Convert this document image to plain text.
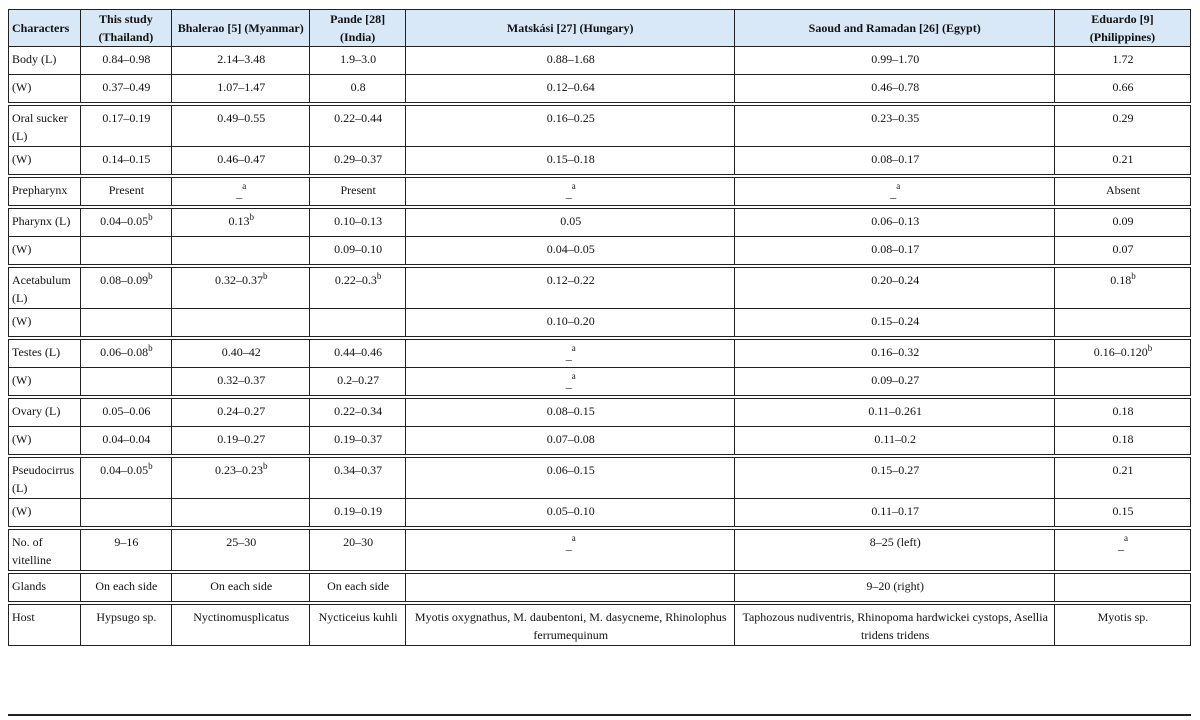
Characters	This study (Thailand)	Bhalerao [5] (Myanmar)	Pande [28] (India)	Matskási [27] (Hungary)	Saoud and Ramadan [26] (Egypt)	Eduardo [9] (Philippines)
Body (L)	0.84–0.98	2.14–3.48	1.9–3.0	0.88–1.68	0.99–1.70	1.72
(W)	0.37–0.49	1.07–1.47	0.8	0.12–0.64	0.46–0.78	0.66

Oral sucker (L)	0.17–0.19	0.49–0.55	0.22–0.44	0.16–0.25	0.23–0.35	0.29
(W)	0.14–0.15	0.46–0.47	0.29–0.37	0.15–0.18	0.08–0.17	0.21

Prepharynx	Present	_$^a$	Present	_$^a$	_$^a$	Absent

Pharynx (L)	0.04–0.05$^b$	0.13$^b$	0.10–0.13	0.05	0.06–0.13	0.09
(W)			0.09–0.10	0.04–0.05	0.08–0.17	0.07

Acetabulum (L)	0.08–0.09$^b$	0.32–0.37$^b$	0.22–0.3$^b$	0.12–0.22	0.20–0.24	0.18$^b$
(W)				0.10–0.20	0.15–0.24	

Testes (L)	0.06–0.08$^b$	0.40–42	0.44–0.46	_$^a$	0.16–0.32	0.16–0.120$^b$
(W)		0.32–0.37	0.2–0.27	_$^a$	0.09–0.27	

Ovary (L)	0.05–0.06	0.24–0.27	0.22–0.34	0.08–0.15	0.11–0.261	0.18
(W)	0.04–0.04	0.19–0.27	0.19–0.37	0.07–0.08	0.11–0.2	0.18

Pseudocirrus (L)	0.04–0.05$^b$	0.23–0.23$^b$	0.34–0.37	0.06–0.15	0.15–0.27	0.21
(W)			0.19–0.19	0.05–0.10	0.11–0.17	0.15

No. of vitelline	9–16	25–30	20–30	_$^a$	8–25 (left)	_$^a$

Glands	On each side	On each side	On each side		9–20 (right)	

Host	Hypsugo sp.	Nyctinomusplicatus	Nycticeius kuhli	Myotis oxygnathus, M. daubentoni, M. dasycneme, Rhinolophus ferrumequinum	Taphozous nudiventris, Rhinopoma hardwickei cystops, Asellia tridens tridens	Myotis sp.
